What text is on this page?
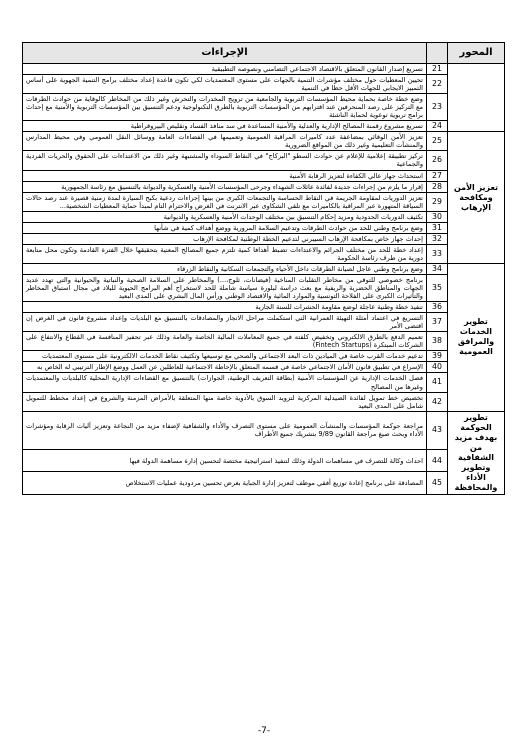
المحور		الإجراءات
	21	تسريع إصدار القانون المتعلق بالاقتصاد الاجتماعي التضامني ونصوصه التطبيقية
	22	تحيين المعطيات حول مختلف مؤشرات التنمية بالجهات على مستوى المعتمديات لكي تكون قاعدة إعداد مختلف برامج التنمية الجهوية على أساس التمييز الايجابي للجهات الأقل حظا في التنمية
	23	وضع خطة خاصة بحماية محيط المؤسسات التربوية والجامعية من ترويج المخدرات والتحرش وغير ذلك من المخاطر كالوقاية من حوادث الطرقات مع التركيز على رصد المنحرفين عند اقترابهم من المؤسسات التربوية بالطرق التكنولوجية ودعم التنسيق بين المؤسسات التربوية والأمنية مع إحداث برامج تربوية توعوية لحماية الناشئة
	24	تسريع مشروع رقمنة المصالح الإدارية والعدلية والأمنية المساعدة في سد منافذ الفساد وتقليص البيروقراطية
تعزيز الأمن ومكافحة الإرهاب	25	تعزيز الأمن الوقائي بمضاعفة عدد كاميرات المراقبة العمومية وتعميمها في الفضاءات العامة ووسائل النقل العمومي وفي محيط المدارس والمنشآت التعليمية وغير ذلك من المواقع الضرورية
	26	تركيز تطبيقة إعلامية للإعلام عن حوادث السطو "البركاج" في النقاط السوداء والمشتبهة وغير ذلك من الاعتداءات على الحقوق والحريات الفردية والجماعية
	27	استحداث جهاز عالي الكفاءة لتعزيز الرقابة الأمنية
	28	إقرار ما يلزم من إجراءات جديدة لفائدة عائلات الشهداء وجرحى المؤسسات الأمنية والعسكرية والديوانة بالتنسيق مع رئاسة الجمهورية
	29	تعزيز الدوريات لمقاومة الجريمة في النقاط الحساسة والتجمعات الكبرى من بينها إجراءات ردعية بكبح السيارة لمدة زمنية قصيرة عند رصد حالات السياقة المتهورة عبر المراقبة بالكاميرات مع تلقي الشكاوى عبر الانترنت في الغرض والاحترام التام لمبدأ حماية المعطيات الشخصية...
	30	تكثيف الدوريات الحدودية ومزيد إحكام التنسيق بين مختلف الوحدات الأمنية والعسكرية والديوانية
	31	وضع برنامج وطني للحد من حوادث الطرقات وتدعيم السلامة المرورية ووضع أهداف كمية في شأنها
	32	إحداث جهاز خاص بمكافحة الإرهاب السيبرني لتدعيم الخطة الوطنية لمكافحة الإرهاب
	33	إعداد خطة للحد من مختلف الجرائم والاعتداءات تضبط أهدافا كمية تلتزم جميع المصالح المعنية بتحقيقها خلال الفترة القادمة وتكون محل متابعة دورية من طرف رئاسة الحكومة
تطوير الخدمات والمرافق العمومية	34	وضع برنامج وطني عاجل لصيانة الطرقات داخل الأحياء والتجمعات السكانية والنقاط الزرقاء
	35	برنامج خصوصي للتوقي من مخاطر التقلبات المناخية (فيضانات، ثلوج،...) والمخاطر على السلامة الصحية والنباتية والحيوانية والتي تهدد عديد الجهات والمناطق الحضرية والريفية مع بعث دراسة لبلورة سياسة شاملة للحد لاستخراج أهم البرامج الحيوية للبلاد في مجال استباق المخاطر والتأثيرات الكبرى على الفلاحة التونسية والموارد المائية والاقتصاد الوطني ورأس المال البشري على المدى البعيد
	36	تنفيذ خطة وطنية عاجلة لوضع مقاومة الحشرات للسنة الجارية
	37	التسريع في اعتماد أمثلة التهيئة العمرانية التي استكملت مراحل الانجاز والمصادقات بالتنسيق مع البلديات وإعداد مشروع قانون في الغرض إن اقتضى الأمر
	38	تعميم الدفع بالطرق الالكتروني وتخفيض كلفته في جميع المعاملات المالية الخاصة والعامة وذلك عبر تحفيز المنافسة في القطاع والانتفاع على الشركات المبتكرة (Fintech Startups)
	39	تدعيم خدمات القرب خاصة في الميادين ذات البعد الاجتماعي والصحي مع توسيعها وتكثيف نقاط الخدمات الالكترونية على مستوى المعتمديات
	40	الإسراع في تطبيق قانون الأمان الاجتماعي خاصة في قسمه المتعلق بالإحاطة الاجتماعية للعاطلين عن العمل ووضع الإطار الترتيبي له الخاص به
	41	فصل الخدمات الإدارية عن المؤسسات الأمنية (بطاقة التعريف الوطنية، الجوازات) بالتنسيق مع القضاءات الإدارية المحلية كالبلديات والمعتمديات وغيرها من المصالح
	42	تخصيص خط تمويل لفائدة الصيدلية المركزية لتزويد السوق بالأدوية خاصة منها المتعلقة بالأمراض المزمنة والشروع في إعداد مخطط للتمويل شامل على المدى البعيد
تطوير الحوكمة بهدف مزيد من الشفافية وتطوير الأداء والمحافظة	43	مراجعة حوكمة المؤسسات والمنشآت العمومية على مستوى التصرف والأداء والشفافية لإضفاء مزيد من النجاعة وتعزيز آليات الرقابة ومؤشرات الأداء وبحث صيغ مراجعة القانون 9/89 بتشريك جميع الأطراف
	44	احداث وكالة للتصرف في مساهمات الدولة وذلك لتنفيذ استراتيجية مختصة لتحسين إدارة مساهمة الدولة فيها
	45	المصادقة على برنامج إعادة توزيع أفقي موظف لتعزيز إدارة الجباية بغرض تحسين مردودية عمليات الاستخلاص
-7-
